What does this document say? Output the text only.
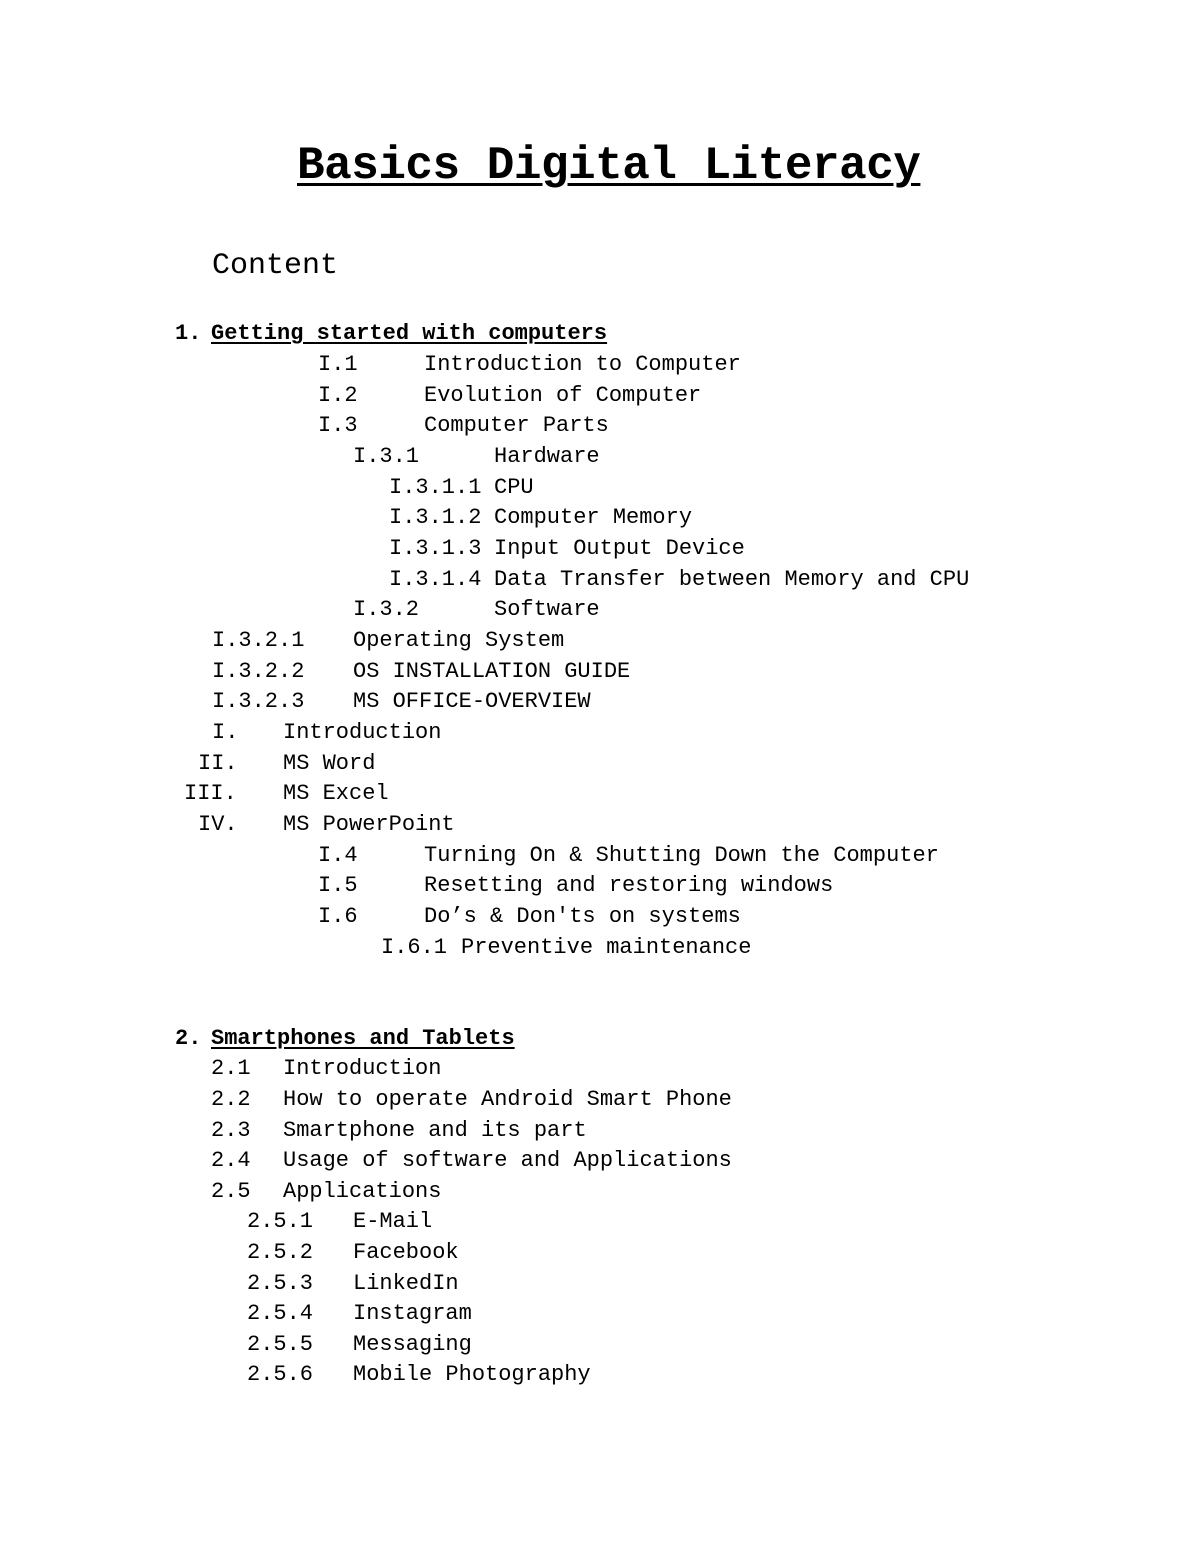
Basics Digital Literacy
Content
1. Getting started with computers
I.1	Introduction to Computer
I.2	Evolution of Computer
I.3	Computer Parts
I.3.1	Hardware
I.3.1.1 CPU
I.3.1.2 Computer Memory
I.3.1.3 Input Output Device
I.3.1.4 Data Transfer between Memory and CPU
I.3.2	Software
I.3.2.1 Operating System
I.3.2.2 OS INSTALLATION GUIDE
I.3.2.3 MS OFFICE-OVERVIEW
I. Introduction
II. MS Word
III. MS Excel
IV. MS PowerPoint
I.4	Turning On & Shutting Down the Computer
I.5	Resetting and restoring windows
I.6	Do’s & Don'ts on systems
I.6.1 Preventive maintenance
2. Smartphones and Tablets
2.1 Introduction
2.2 How to operate Android Smart Phone
2.3 Smartphone and its part
2.4 Usage of software and Applications
2.5 Applications
2.5.1 E-Mail
2.5.2 Facebook
2.5.3 LinkedIn
2.5.4 Instagram
2.5.5 Messaging
2.5.6 Mobile Photography
